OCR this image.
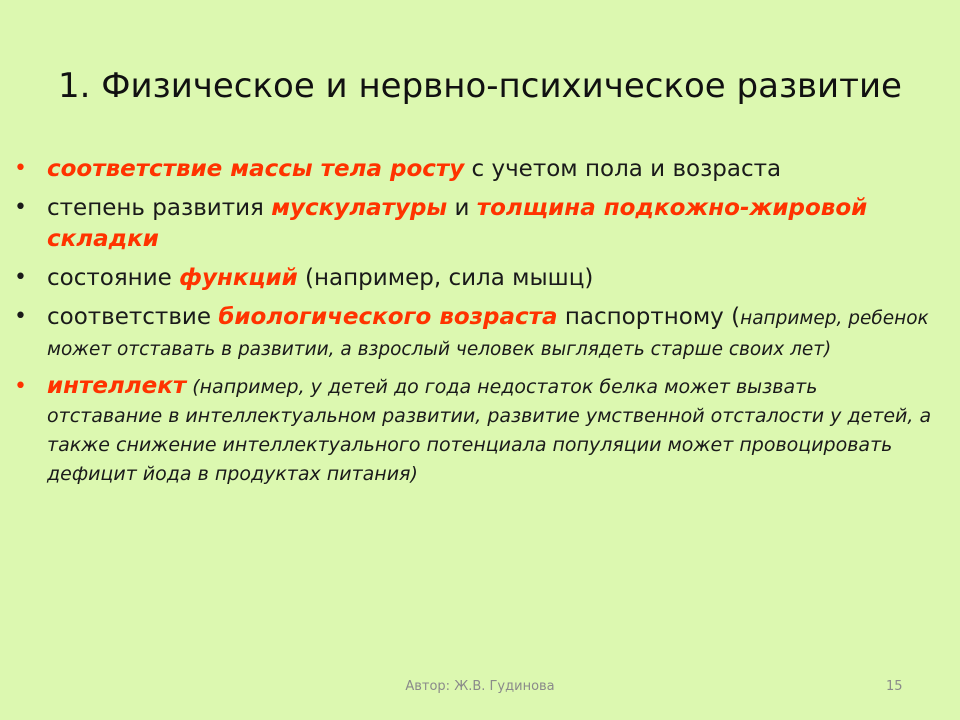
1. Физическое и нервно-психическое развитие
• соответствие массы тела росту с учетом пола и возраста
• степень развития мускулатуры и толщина подкожно-жировой складки
• состояние функций (например, сила мышц)
• соответствие биологического возраста паспортному (например, ребенок может отставать в развитии, а взрослый человек выглядеть старше своих лет)
• интеллект (например, у детей до года недостаток белка может вызвать отставание в интеллектуальном развитии, развитие умственной отсталости у детей, а также снижение интеллектуального потенциала популяции может провоцировать дефицит йода в продуктах питания)
Автор: Ж.В. Гудинова	15
